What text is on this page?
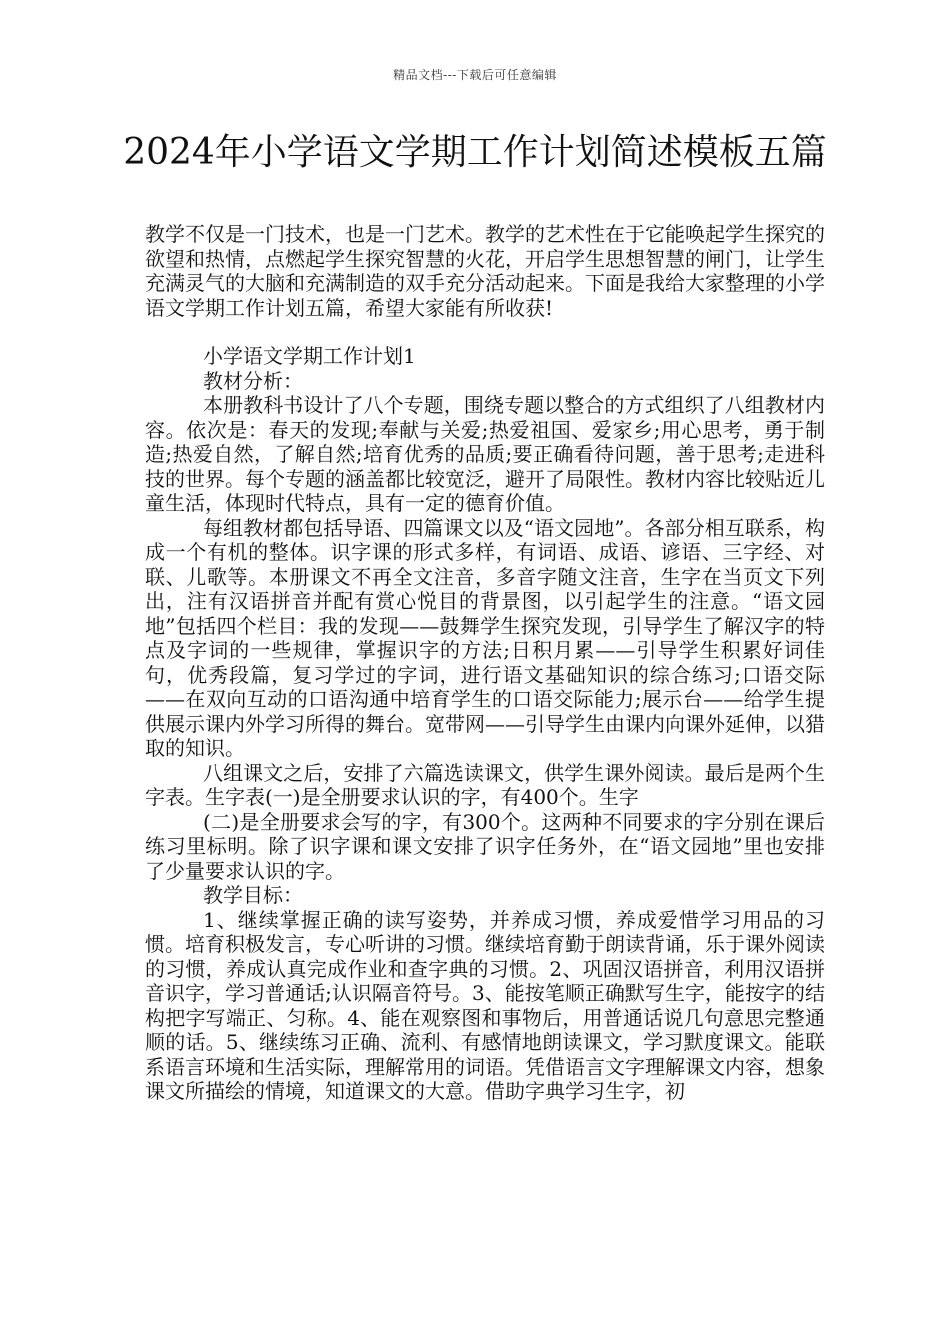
精品文档---下载后可任意编辑
2024年小学语文学期工作计划简述模板五篇

教学不仅是一门技术，也是一门艺术。教学的艺术性在于它能唤起学生探究的欲望和热情，点燃起学生探究智慧的火花，开启学生思想智慧的闸门，让学生充满灵气的大脑和充满制造的双手充分活动起来。下面是我给大家整理的小学语文学期工作计划五篇，希望大家能有所收获!

小学语文学期工作计划1

教材分析：

本册教科书设计了八个专题，围绕专题以整合的方式组织了八组教材内容。依次是：春天的发现;奉献与关爱;热爱祖国、爱家乡;用心思考，勇于制造;热爱自然，了解自然;培育优秀的品质;要正确看待问题，善于思考;走进科技的世界。每个专题的涵盖都比较宽泛，避开了局限性。教材内容比较贴近儿童生活，体现时代特点，具有一定的德育价值。

每组教材都包括导语、四篇课文以及“语文园地”。各部分相互联系，构成一个有机的整体。识字课的形式多样，有词语、成语、谚语、三字经、对联、儿歌等。本册课文不再全文注音，多音字随文注音，生字在当页文下列出，注有汉语拼音并配有赏心悦目的背景图，以引起学生的注意。“语文园地”包括四个栏目：我的发现——鼓舞学生探究发现，引导学生了解汉字的特点及字词的一些规律，掌握识字的方法;日积月累——引导学生积累好词佳句，优秀段篇，复习学过的字词，进行语文基础知识的综合练习;口语交际——在双向互动的口语沟通中培育学生的口语交际能力;展示台——给学生提供展示课内外学习所得的舞台。宽带网——引导学生由课内向课外延伸，以猎取的知识。

八组课文之后，安排了六篇选读课文，供学生课外阅读。最后是两个生字表。生字表(一)是全册要求认识的字，有400个。生字

(二)是全册要求会写的字，有300个。这两种不同要求的字分别在课后练习里标明。除了识字课和课文安排了识字任务外，在“语文园地”里也安排了少量要求认识的字。

教学目标：

1、继续掌握正确的读写姿势，并养成习惯，养成爱惜学习用品的习惯。培育积极发言，专心听讲的习惯。继续培育勤于朗读背诵，乐于课外阅读的习惯，养成认真完成作业和查字典的习惯。2、巩固汉语拼音，利用汉语拼音识字，学习普通话;认识隔音符号。3、能按笔顺正确默写生字，能按字的结构把字写端正、匀称。4、能在观察图和事物后，用普通话说几句意思完整通顺的话。5、继续练习正确、流利、有感情地朗读课文，学习默度课文。能联系语言环境和生活实际，理解常用的词语。凭借语言文字理解课文内容，想象课文所描绘的情境，知道课文的大意。借助字典学习生字，初
